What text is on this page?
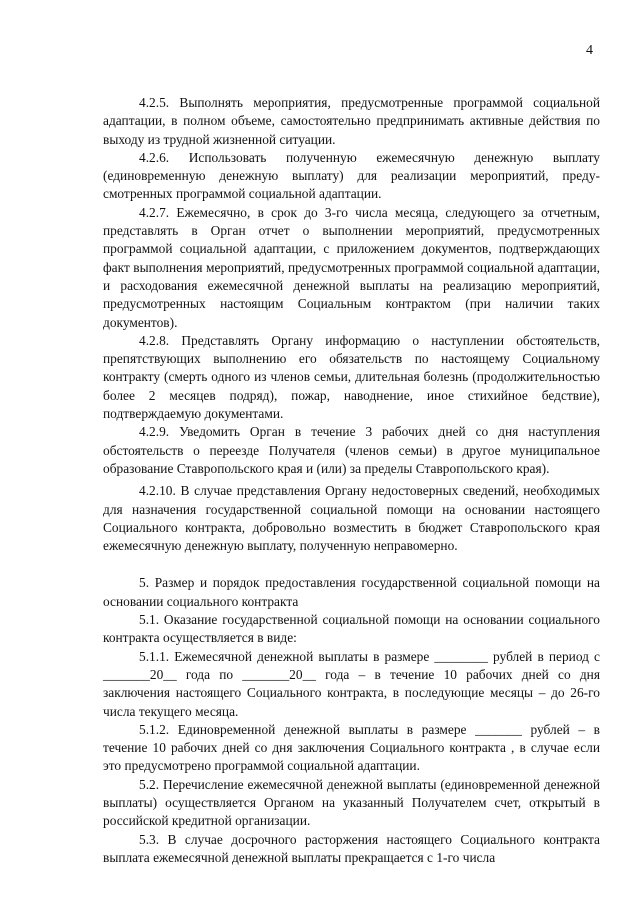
4

4.2.5. Выполнять мероприятия, предусмотренные программой социальной адаптации, в полном объеме, самостоятельно предпринимать активные действия по выходу из трудной жизненной ситуации.

4.2.6. Использовать полученную ежемесячную денежную выплату (единовременную денежную выплату) для реализации мероприятий, предусмотренных программой социальной адаптации.

4.2.7. Ежемесячно, в срок до 3-го числа месяца, следующего за отчетным, представлять в Орган отчет о выполнении мероприятий, предусмотренных программой социальной адаптации, с приложением документов, подтверждающих факт выполнения мероприятий, предусмотренных программой социальной адаптации, и расходования ежемесячной денежной выплаты на реализацию мероприятий, предусмотренных настоящим Социальным контрактом (при наличии таких документов).

4.2.8. Представлять Органу информацию о наступлении обстоятельств, препятствующих выполнению его обязательств по настоящему Социальному контракту (смерть одного из членов семьи, длительная болезнь (продолжительностью более 2 месяцев подряд), пожар, наводнение, иное стихийное бедствие), подтверждаемую документами.

4.2.9. Уведомить Орган в течение 3 рабочих дней со дня наступления обстоятельств о переезде Получателя (членов семьи) в другое муниципальное образование Ставропольского края и (или) за пределы Ставропольского края).

4.2.10. В случае представления Органу недостоверных сведений, необходимых для назначения государственной социальной помощи на основании настоящего Социального контракта, добровольно возместить в бюджет Ставропольского края ежемесячную денежную выплату, полученную неправомерно.

5. Размер и порядок предоставления государственной социальной помощи на основании социального контракта

5.1. Оказание государственной социальной помощи на основании социального контракта осуществляется в виде:

5.1.1. Ежемесячной денежной выплаты в размере ________ рублей в период с _______20__ года по _______20__ года – в течение 10 рабочих дней со дня заключения настоящего Социального контракта, в последующие месяцы – до 26-го числа текущего месяца.

5.1.2. Единовременной денежной выплаты в размере _______ рублей – в течение 10 рабочих дней со дня заключения Социального контракта , в случае если это предусмотрено программой социальной адаптации.

5.2. Перечисление ежемесячной денежной выплаты (единовременной денежной выплаты) осуществляется Органом на указанный Получателем счет, открытый в российской кредитной организации.

5.3. В случае досрочного расторжения настоящего Социального контракта выплата ежемесячной денежной выплаты прекращается с 1-го числа
